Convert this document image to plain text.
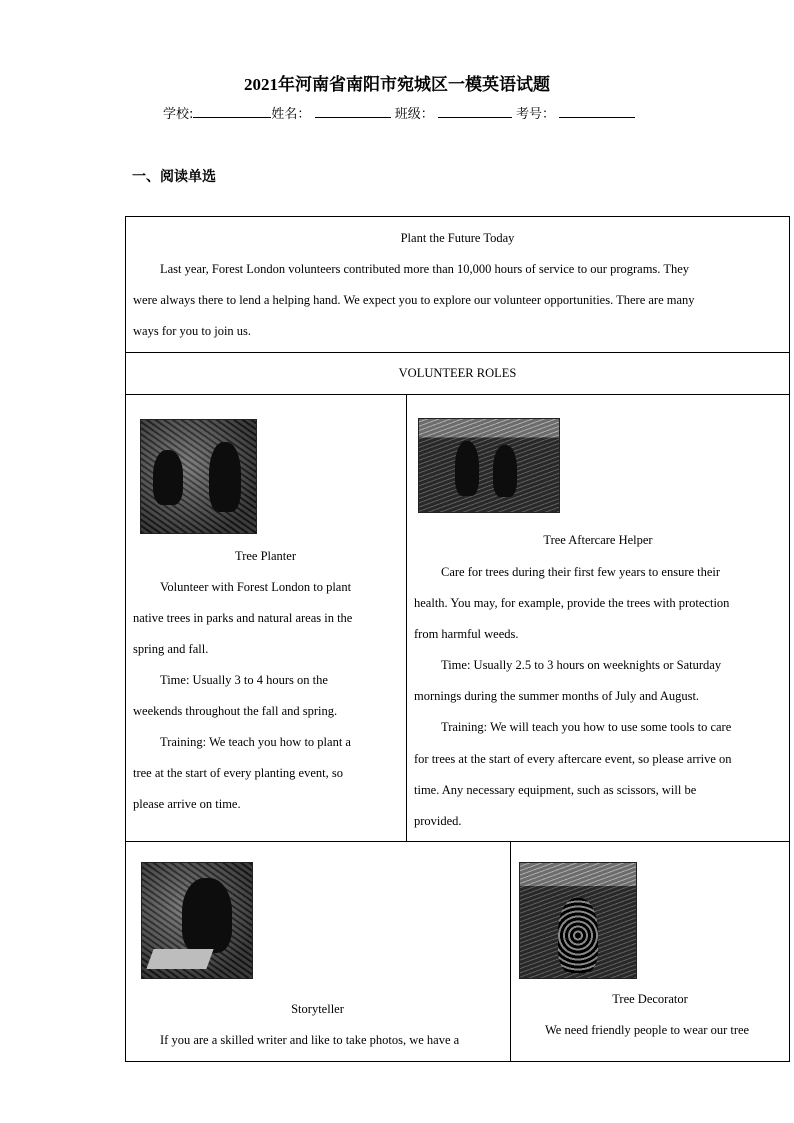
2021年河南省南阳市宛城区一模英语试题
学校:	姓名：	班级：	考号：
一、阅读单选
Plant the Future Today
Last year, Forest London volunteers contributed more than 10,000 hours of service to our programs. They
were always there to lend a helping hand. We expect you to explore our volunteer opportunities. There are many
ways for you to join us.
VOLUNTEER ROLES
Tree Planter
Volunteer with Forest London to plant
native trees in parks and natural areas in the
spring and fall.
Time: Usually 3 to 4 hours on the
weekends throughout the fall and spring.
Training: We teach you how to plant a
tree at the start of every planting event, so
please arrive on time.
Tree Aftercare Helper
Care for trees during their first few years to ensure their
health. You may, for example, provide the trees with protection
from harmful weeds.
Time: Usually 2.5 to 3 hours on weeknights or Saturday
mornings during the summer months of July and August.
Training: We will teach you how to use some tools to care
for trees at the start of every aftercare event, so please arrive on
time. Any necessary equipment, such as scissors, will be
provided.
Storyteller
If you are a skilled writer and like to take photos, we have a
Tree Decorator
We need friendly people to wear our tree
